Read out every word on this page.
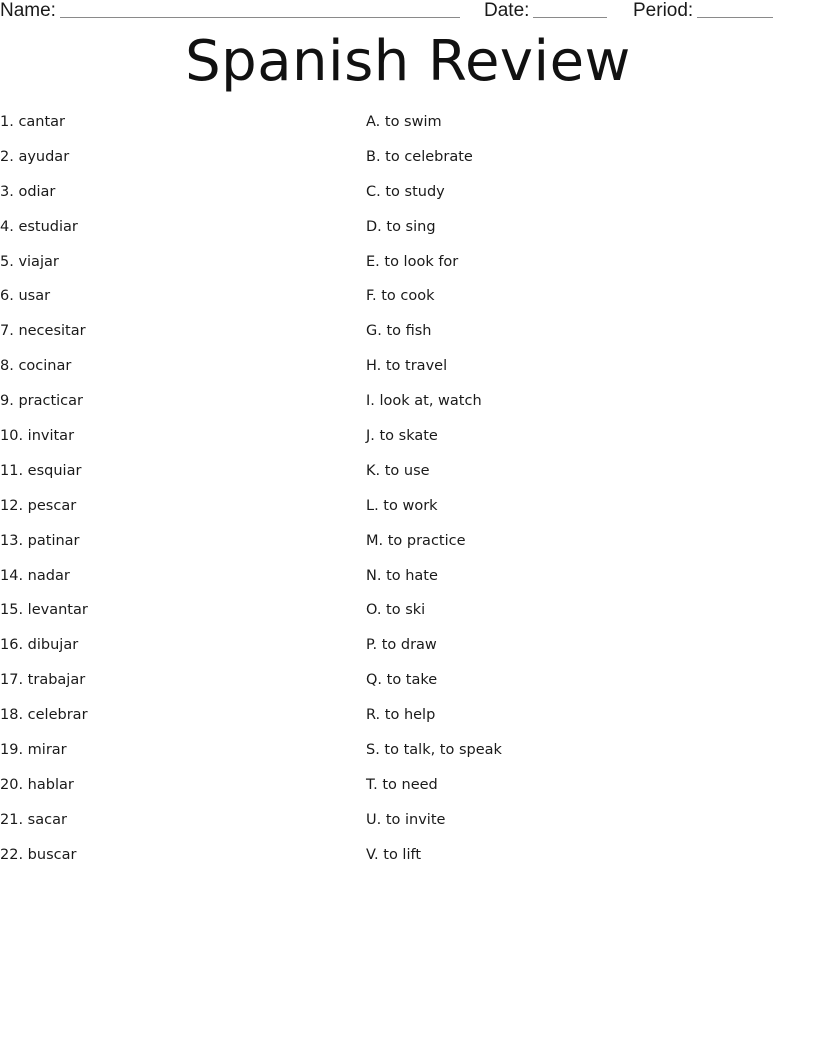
Name:	Date:	Period:
Spanish Review
1. cantar
2. ayudar
3. odiar
4. estudiar
5. viajar
6. usar
7. necesitar
8. cocinar
9. practicar
10. invitar
11. esquiar
12. pescar
13. patinar
14. nadar
15. levantar
16. dibujar
17. trabajar
18. celebrar
19. mirar
20. hablar
21. sacar
22. buscar
A. to swim
B. to celebrate
C. to study
D. to sing
E. to look for
F. to cook
G. to fish
H. to travel
I. look at, watch
J. to skate
K. to use
L. to work
M. to practice
N. to hate
O. to ski
P. to draw
Q. to take
R. to help
S. to talk, to speak
T. to need
U. to invite
V. to lift
